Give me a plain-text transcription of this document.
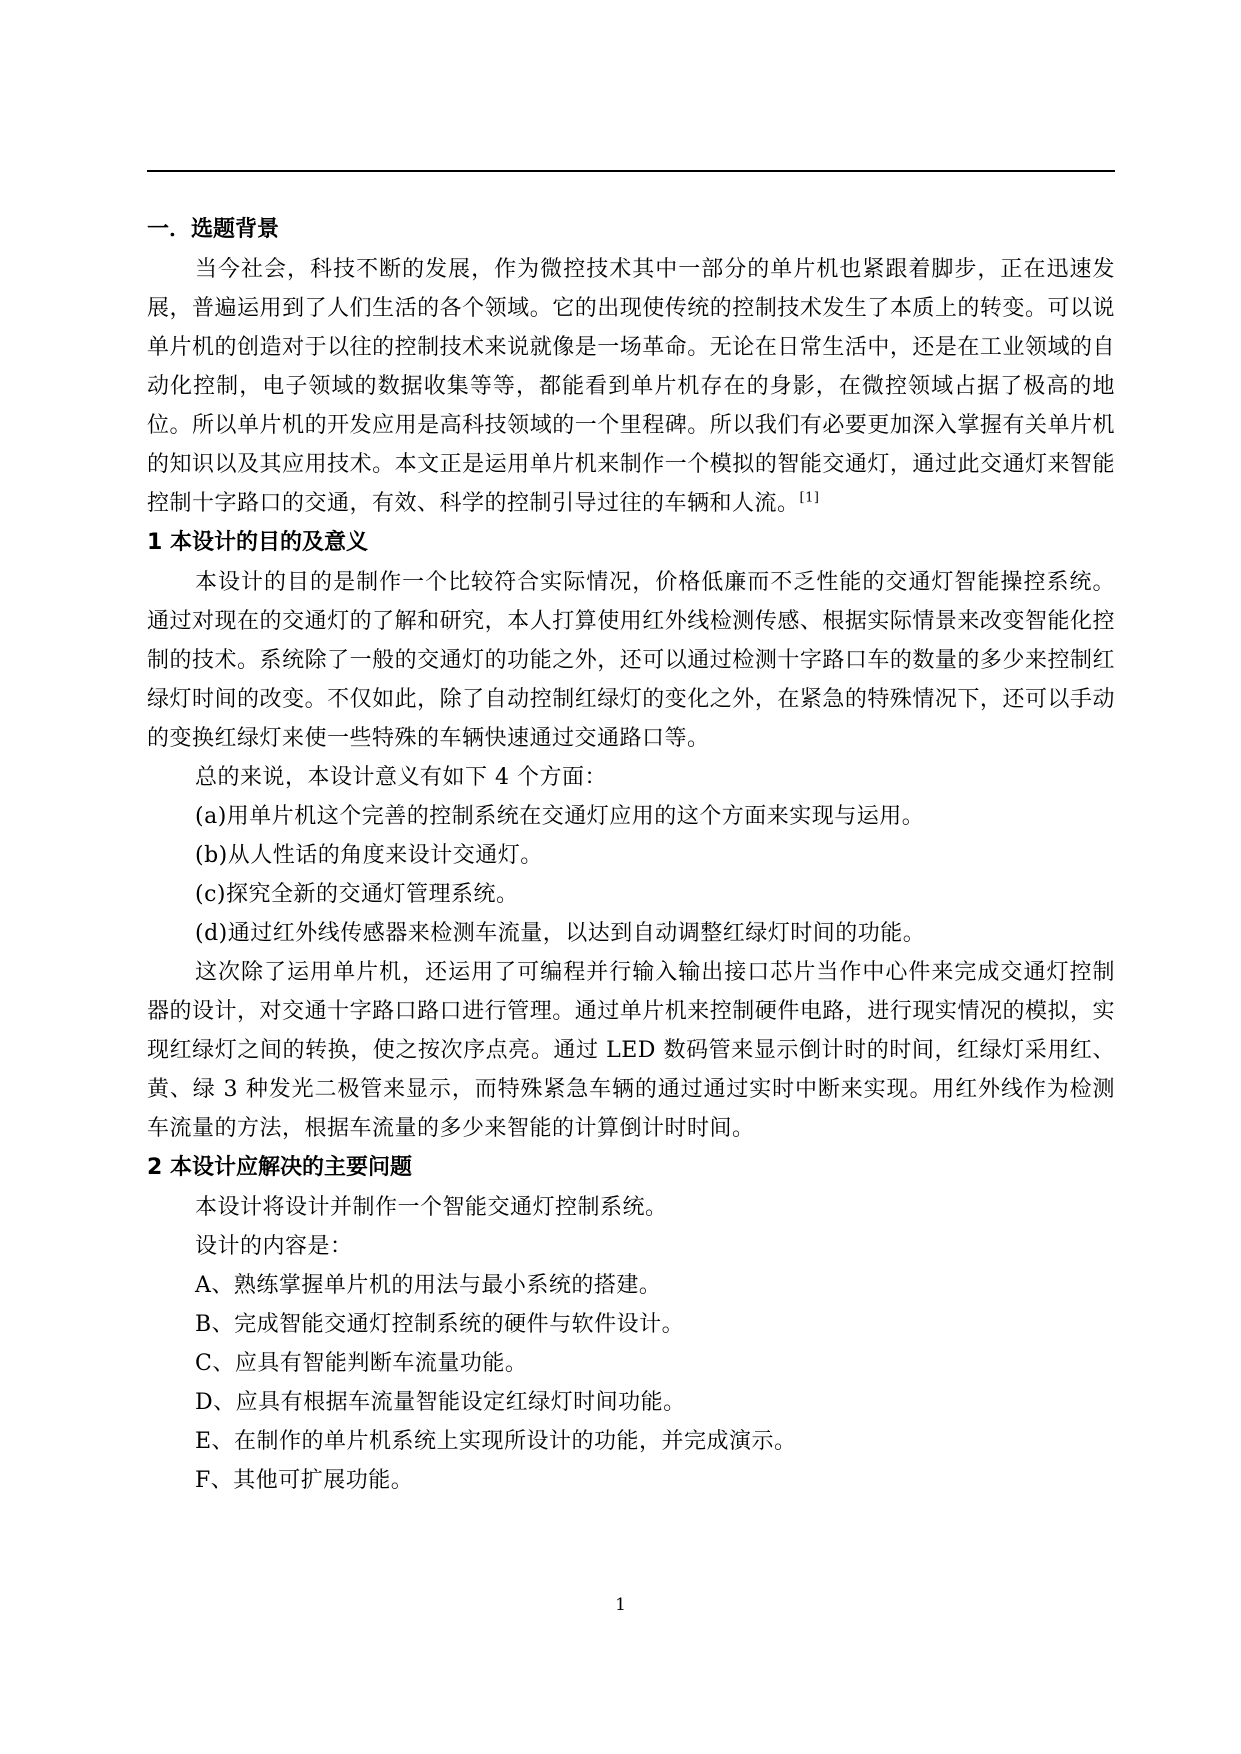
一．选题背景

当今社会，科技不断的发展，作为微控技术其中一部分的单片机也紧跟着脚步，正在迅速发展，普遍运用到了人们生活的各个领域。它的出现使传统的控制技术发生了本质上的转变。可以说单片机的创造对于以往的控制技术来说就像是一场革命。无论在日常生活中，还是在工业领域的自动化控制，电子领域的数据收集等等，都能看到单片机存在的身影，在微控领域占据了极高的地位。所以单片机的开发应用是高科技领域的一个里程碑。所以我们有必要更加深入掌握有关单片机的知识以及其应用技术。本文正是运用单片机来制作一个模拟的智能交通灯，通过此交通灯来智能控制十字路口的交通，有效、科学的控制引导过往的车辆和人流。[1]

1 本设计的目的及意义

本设计的目的是制作一个比较符合实际情况，价格低廉而不乏性能的交通灯智能操控系统。通过对现在的交通灯的了解和研究，本人打算使用红外线检测传感、根据实际情景来改变智能化控制的技术。系统除了一般的交通灯的功能之外，还可以通过检测十字路口车的数量的多少来控制红绿灯时间的改变。不仅如此，除了自动控制红绿灯的变化之外，在紧急的特殊情况下，还可以手动的变换红绿灯来使一些特殊的车辆快速通过交通路口等。

总的来说，本设计意义有如下 4 个方面：
(a)用单片机这个完善的控制系统在交通灯应用的这个方面来实现与运用。
(b)从人性话的角度来设计交通灯。
(c)探究全新的交通灯管理系统。
(d)通过红外线传感器来检测车流量，以达到自动调整红绿灯时间的功能。

这次除了运用单片机，还运用了可编程并行输入输出接口芯片当作中心件来完成交通灯控制器的设计，对交通十字路口路口进行管理。通过单片机来控制硬件电路，进行现实情况的模拟，实现红绿灯之间的转换，使之按次序点亮。通过 LED 数码管来显示倒计时的时间，红绿灯采用红、黄、绿 3 种发光二极管来显示，而特殊紧急车辆的通过通过实时中断来实现。用红外线作为检测车流量的方法，根据车流量的多少来智能的计算倒计时时间。

2 本设计应解决的主要问题
本设计将设计并制作一个智能交通灯控制系统。
设计的内容是：
A、熟练掌握单片机的用法与最小系统的搭建。
B、完成智能交通灯控制系统的硬件与软件设计。
C、应具有智能判断车流量功能。
D、应具有根据车流量智能设定红绿灯时间功能。
E、在制作的单片机系统上实现所设计的功能，并完成演示。
F、其他可扩展功能。
1
